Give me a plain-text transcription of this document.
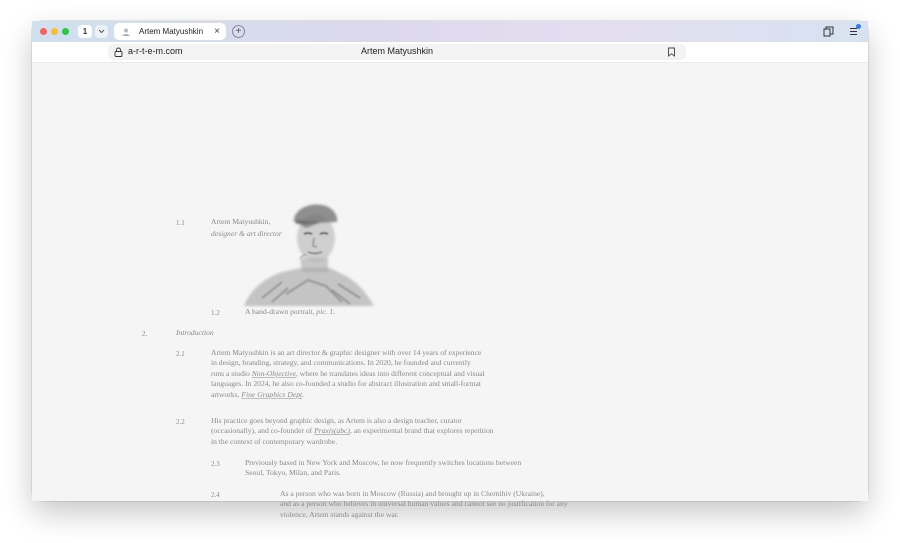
1	Artem Matyushkin ×	+
a-r-t-e-m.com	Artem Matyushkin
1.1	Artem Matyushkin,
designer & art director
1.2	A hand-drawn portrait, pic. 1.
2.	Introduction
2.1	Artem Matyushkin is an art director & graphic designer with over 14 years of experience
in design, branding, strategy, and communications. In 2020, he founded and currently
runs a studio Non-Objective, where he translates ideas into different conceptual and visual
languages. In 2024, he also co-founded a studio for abstract illustration and small-format
artworks, Fine Graphics Dept.
2.2	His practice goes beyond graphic design, as Artem is also a design teacher, curator
(occasionally), and co-founder of Praxis(abc), an experimental brand that explores repetition
in the context of contemporary wardrobe.
2.3	Previously based in New York and Moscow, he now frequently switches locations between
Seoul, Tokyo, Milan, and Paris.
2.4	As a person who was born in Moscow (Russia) and brought up in Chernihiv (Ukraine),
and as a person who believes in universal human values and cannot see no justification for any
violence, Artem stands against the war.
